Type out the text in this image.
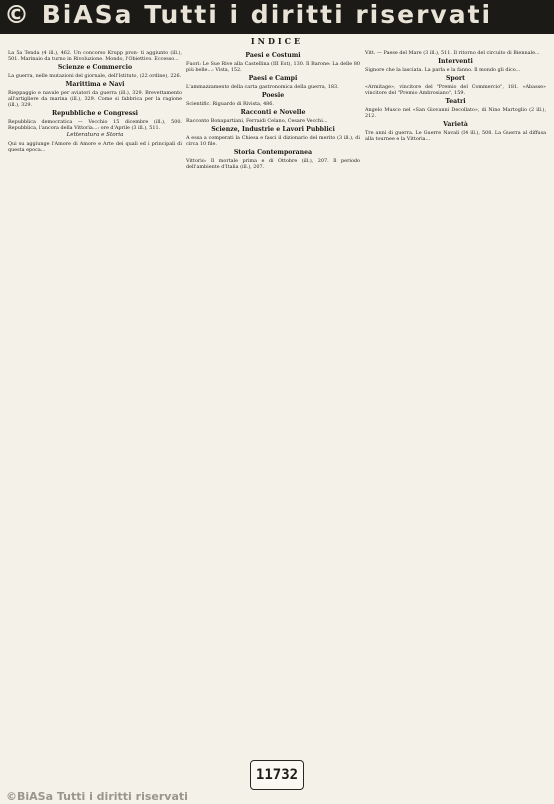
© BiASa Tutti i diritti riservati
INDICE

La 5a Tenda (4 ill.), 462. Un concorso Krupp pron- ti aggiunto (ill.), 501. Marinaio da turno in Rivoluzione. Mondo, l'Obiettivo. Eccesso...

Scienze e Commercio

La guerra, nelle mutazioni del giornale, dell'Istituto, (22 ordine), 226.

Marittima e Navi

Rieppaggio e navale per aviatori da guerra (ill.), 329. Brevettamento all'artigliere da marina (ill.), 329. Come si fabbrica per la ragione (ill.), 329.

Repubbliche e Congressi

Repubblica democratica — Vecchio 15 dicembre (ill.), 500. Repubblica, l'ancora della Vittoria...: ore d'Aprile (3 ill.), 511.

Letteratura e Storia

Qui su aggiunge l'Amore di Amore e Arte dei quali ed i principali di questa epoca...

Paesi e Costumi

Fuori: Le Sue Rive alla Castellina (III Est), 130. Il Barone: La delle 80 più belle...: Vista, 152.

Paesi e Campi

L'ammazzamento della carta gastronomica della guerra, 183.

Poesie

Scientific. Riguardo di Rivista, 486.

Racconti e Novelle

Racconto Bonapartiani, Ferraidi Celano, Cesare Vecchi...

Scienze, Industrie e Lavori Pubblici

A essa a comperati la Chiesa e fasci il dizionario del merito (3 ill.), di circa 10 file.

Storia Contemporanea

Vittorio: Il mortale prima e di Ottobre (ill.), 207. Il periodo dell'ambiente d'Italia (ill.), 207.

Vitt. — Paese del Mare (3 ill.), 511. Il ritorno del circuito di Biennale...

Interventi

Signore che la lasciata. La parla e la fanno. Il mondo gli dico...

Sport

«Armitage», vincitore del "Premio del Commercio", 181. «Abasse» vincitore del "Premio Ambrosiano", 159.

Teatri

Angelo Musco nel «San Giovanni Decollato», di Nino Martoglio (2 ill.), 212.

Varietà

Tre anni di guerra. Le Guerre Navali (I4 ill.), 508. La Guerra al diffusa alla tournee e la Vittoria...

11732
©BiASa Tutti i diritti riservati
